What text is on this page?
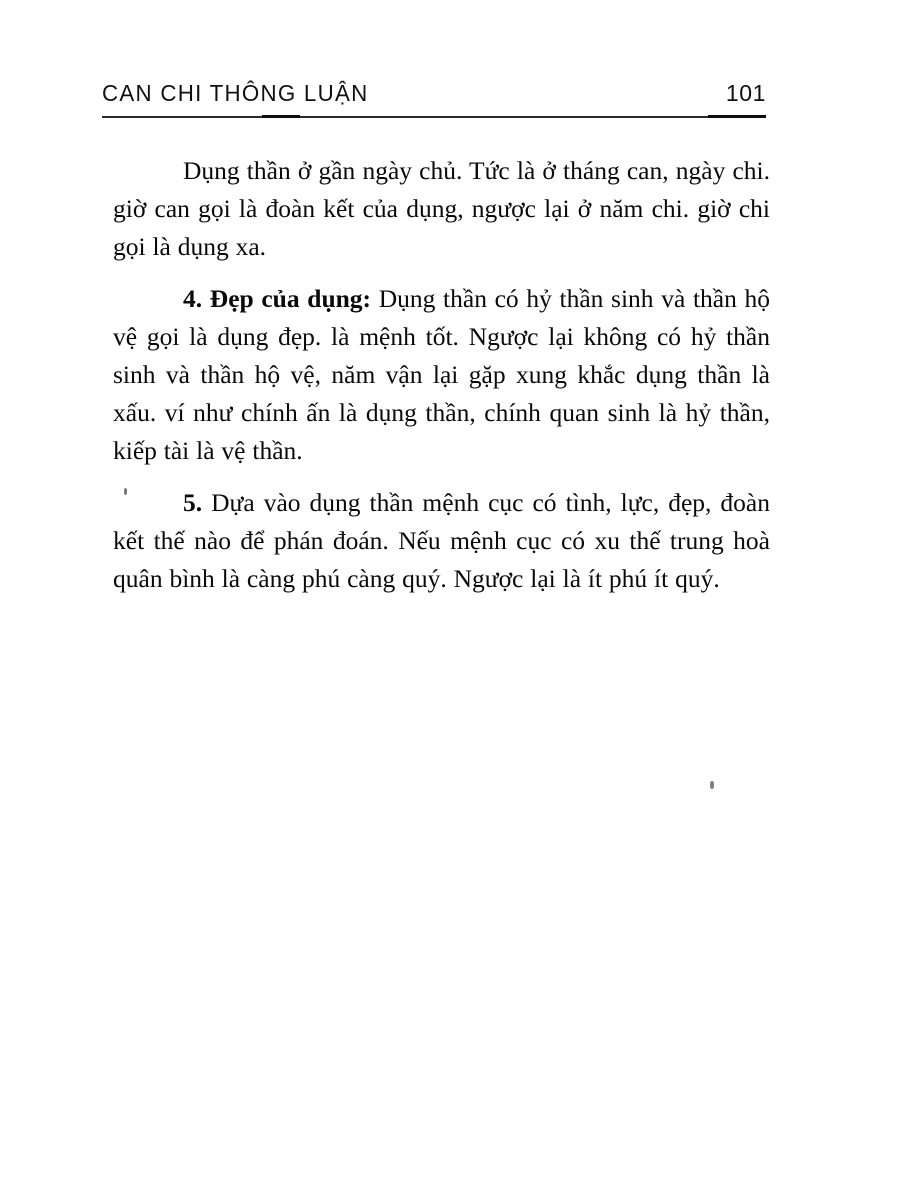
CAN CHI THÔNG LUẬN	101

Dụng thần ở gần ngày chủ. Tức là ở tháng can, ngày chi. giờ can gọi là đoàn kết của dụng, ngược lại ở năm chi. giờ chi gọi là dụng xa.

4. Đẹp của dụng: Dụng thần có hỷ thần sinh và thần hộ vệ gọi là dụng đẹp. là mệnh tốt. Ngược lại không có hỷ thần sinh và thần hộ vệ, năm vận lại gặp xung khắc dụng thần là xấu. ví như chính ấn là dụng thần, chính quan sinh là hỷ thần, kiếp tài là vệ thần.

5. Dựa vào dụng thần mệnh cục có tình, lực, đẹp, đoàn kết thế nào để phán đoán. Nếu mệnh cục có xu thế trung hoà quân bình là càng phú càng quý. Ngược lại là ít phú ít quý.
